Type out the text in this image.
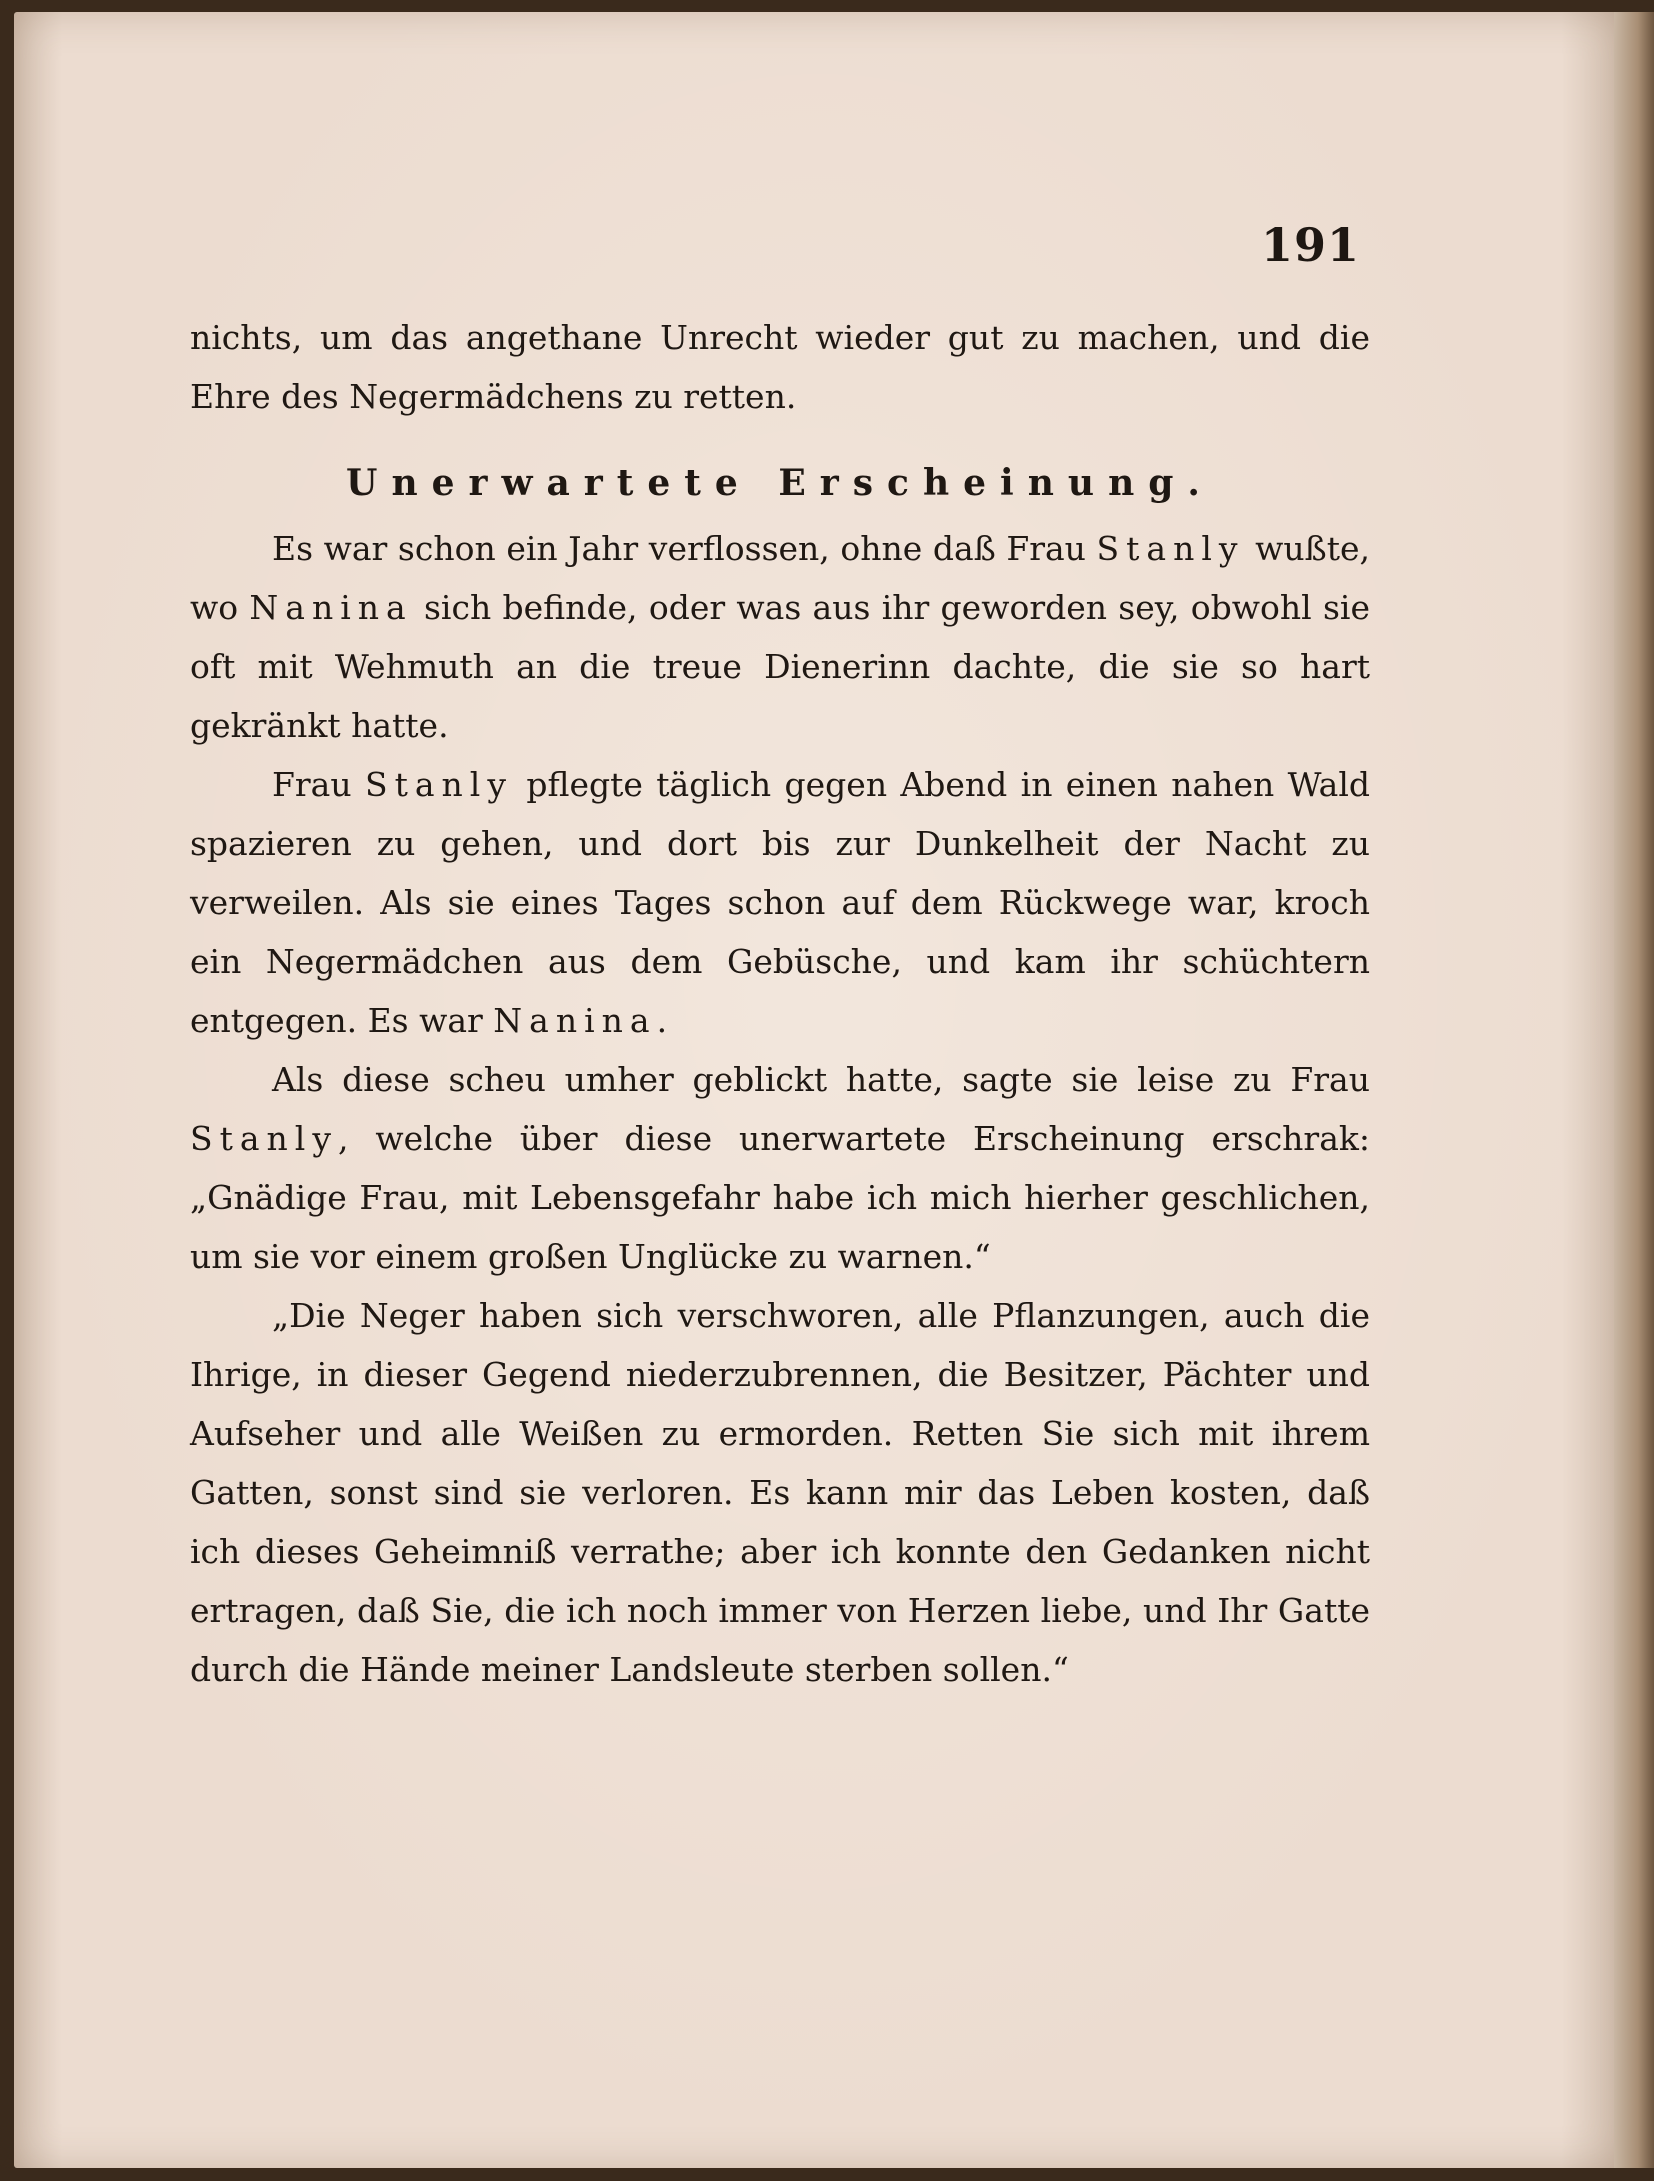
191

nichts, um das angethane Unrecht wieder gut zu machen, und die Ehre des Negermädchens zu retten.

Unerwartete Erscheinung.

Es war schon ein Jahr verflossen, ohne daß Frau Stanly wußte, wo Nanina sich befinde, oder was aus ihr geworden sey, obwohl sie oft mit Wehmuth an die treue Dienerinn dachte, die sie so hart gekränkt hatte.

Frau Stanly pflegte täglich gegen Abend in einen nahen Wald spazieren zu gehen, und dort bis zur Dunkelheit der Nacht zu verweilen. Als sie eines Tages schon auf dem Rückwege war, kroch ein Negermädchen aus dem Gebüsche, und kam ihr schüchtern entgegen. Es war Nanina.

Als diese scheu umher geblickt hatte, sagte sie leise zu Frau Stanly, welche über diese unerwartete Erscheinung erschrak: „Gnädige Frau, mit Lebensgefahr habe ich mich hierher geschlichen, um sie vor einem großen Unglücke zu warnen.“

„Die Neger haben sich verschworen, alle Pflanzungen, auch die Ihrige, in dieser Gegend niederzubrennen, die Besitzer, Pächter und Aufseher und alle Weißen zu ermorden. Retten Sie sich mit ihrem Gatten, sonst sind sie verloren. Es kann mir das Leben kosten, daß ich dieses Geheimniß verrathe; aber ich konnte den Gedanken nicht ertragen, daß Sie, die ich noch immer von Herzen liebe, und Ihr Gatte durch die Hände meiner Landsleute sterben sollen.“
